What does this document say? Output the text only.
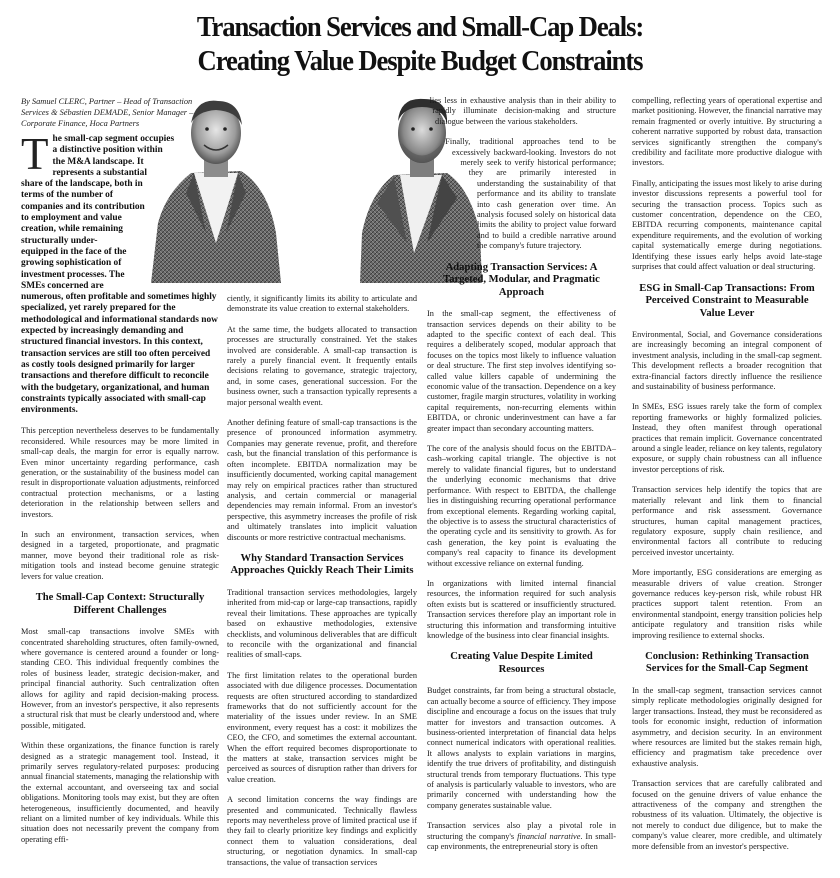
Transaction Services and Small-Cap Deals:
Creating Value Despite Budget Constraints
By Samuel CLERC, Partner – Head of Transaction Services & Sébastien DEMADE, Senior Manager – Corporate Finance, Hoca Partners

The small-cap segment occupies a distinctive position within the M&A landscape. It represents a substantial share of the landscape, both in terms of the number of companies and its contribution to employment and value creation, while remaining structurally under-equipped in the face of the growing sophistication of investment processes. The SMEs concerned are numerous, often profitable and sometimes highly specialized, yet rarely prepared for the methodological and informational standards now expected by increasingly demanding and structured financial investors. In this context, transaction services are still too often perceived as costly tools designed primarily for larger transactions and therefore difficult to reconcile with the budgetary, organizational, and human constraints typically associated with small-cap environments.

This perception nevertheless deserves to be fundamentally reconsidered. While resources may be more limited in small-cap deals, the margin for error is equally narrow. Even minor uncertainty regarding performance, cash generation, or the sustainability of the business model can result in disproportionate valuation adjustments, reinforced contractual protection mechanisms, or a lasting deterioration in the relationship between sellers and investors.

In such an environment, transaction services, when designed in a targeted, proportionate, and pragmatic manner, move beyond their traditional role as risk-mitigation tools and instead become genuine strategic levers for value creation.

The Small-Cap Context: Structurally Different Challenges

Most small-cap transactions involve SMEs with concentrated shareholding structures, often family-owned, where governance is centered around a founder or long-standing CEO. This individual frequently combines the roles of business leader, strategic decision-maker, and principal financial authority. Such centralization often allows for agility and rapid decision-making process. However, from an investor's perspective, it also represents a structural risk that must be clearly understood and, where possible, mitigated.

Within these organizations, the finance function is rarely designed as a strategic management tool. Instead, it primarily serves regulatory-related purposes: producing annual financial statements, managing the relationship with the external accountant, and overseeing tax and social obligations. Monitoring tools may exist, but they are often heterogeneous, insufficiently documented, and heavily reliant on a limited number of key individuals. While this situation does not necessarily prevent the company from operating effi-

ciently, it significantly limits its ability to articulate and demonstrate its value creation to external stakeholders.

At the same time, the budgets allocated to transaction processes are structurally constrained. Yet the stakes involved are considerable. A small-cap transaction is rarely a purely financial event. It frequently entails decisions relating to governance, strategic trajectory, and, in some cases, generational succession. For the business owner, such a transaction typically represents a major personal wealth event.

Another defining feature of small-cap transactions is the presence of pronounced information asymmetry. Companies may generate revenue, profit, and therefore cash, but the financial translation of this performance is often incomplete. EBITDA normalization may be insufficiently documented, working capital management may rely on empirical practices rather than structured analysis, and certain commercial or managerial dependencies may remain informal. From an investor's perspective, this asymmetry increases the profile of risk and ultimately translates into implicit valuation discounts or more restrictive contractual mechanisms.

Why Standard Transaction Services Approaches Quickly Reach Their Limits

Traditional transaction services methodologies, largely inherited from mid-cap or large-cap transactions, rapidly reveal their limitations. These approaches are typically based on exhaustive methodologies, extensive checklists, and voluminous deliverables that are difficult to reconcile with the organizational and financial realities of small-caps.

The first limitation relates to the operational burden associated with due diligence processes. Documentation requests are often structured according to standardized frameworks that do not sufficiently account for the materiality of the issues under review. In an SME environment, every request has a cost: it mobilizes the CEO, the CFO, and sometimes the external accountant. When the effort required becomes disproportionate to the matters at stake, transaction services might be perceived as sources of disruption rather than drivers for value creation.

A second limitation concerns the way findings are presented and communicated. Technically flawless reports may nevertheless prove of limited practical use if they fail to clearly prioritize key findings and explicitly connect them to valuation considerations, deal structuring, or negotiation dynamics. In small-cap transactions, the value of transaction services

lies less in exhaustive analysis than in their ability to rapidly illuminate decision-making and structure dialogue between the various stakeholders.

Finally, traditional approaches tend to be excessively backward-looking. Investors do not merely seek to verify historical performance; they are primarily interested in understanding the sustainability of that performance and its ability to translate into cash generation over time. An analysis focused solely on historical data limits the ability to project value forward and to build a credible narrative around the company's future trajectory.

Adapting Transaction Services: A Targeted, Modular, and Pragmatic Approach

In the small-cap segment, the effectiveness of transaction services depends on their ability to be adapted to the specific context of each deal. This requires a deliberately scoped, modular approach that focuses on the topics most likely to influence valuation or deal structure. The first step involves identifying so-called value killers capable of undermining the economic value of the transaction. Dependence on a key customer, fragile margin structures, volatility in working capital requirements, non-recurring elements within EBITDA, or chronic underinvestment can have a far greater impact than secondary accounting matters.

The core of the analysis should focus on the EBITDA–cash–working capital triangle. The objective is not merely to validate financial figures, but to understand the underlying economic mechanisms that drive performance. With respect to EBITDA, the challenge lies in distinguishing recurring operational performance from exceptional elements. Regarding working capital, the objective is to assess the structural characteristics of the operating cycle and its sensitivity to growth. As for cash generation, the key point is evaluating the company's real capacity to finance its development without excessive reliance on external funding.

In organizations with limited internal financial resources, the information required for such analysis often exists but is scattered or insufficiently structured. Transaction services therefore play an important role in structuring this information and transforming intuitive knowledge of the business into clear financial insights.

Creating Value Despite Limited Resources

Budget constraints, far from being a structural obstacle, can actually become a source of efficiency. They impose discipline and encourage a focus on the issues that truly matter for investors and transaction outcomes. A business-oriented interpretation of financial data helps connect numerical indicators with operational realities. It allows analysts to explain variations in margins, identify the true drivers of profitability, and distinguish structural trends from temporary fluctuations. This type of analysis is particularly valuable to investors, who are primarily concerned with understanding how the company generates sustainable value.

Transaction services also play a pivotal role in structuring the company's financial narrative. In small-cap environments, the entrepreneurial story is often

compelling, reflecting years of operational expertise and market positioning. However, the financial narrative may remain fragmented or overly intuitive. By structuring a coherent narrative supported by robust data, transaction services significantly strengthen the company's credibility and facilitate more productive dialogue with investors.

Finally, anticipating the issues most likely to arise during investor discussions represents a powerful tool for securing the transaction process. Topics such as customer concentration, dependence on the CEO, EBITDA recurring components, maintenance capital expenditure requirements, and the evolution of working capital systematically emerge during negotiations. Identifying these issues early helps avoid late-stage surprises that could affect valuation or deal structuring.

ESG in Small-Cap Transactions: From Perceived Constraint to Measurable Value Lever

Environmental, Social, and Governance considerations are increasingly becoming an integral component of investment analysis, including in the small-cap segment. This development reflects a broader recognition that extra-financial factors directly influence the resilience and sustainability of business performance.

In SMEs, ESG issues rarely take the form of complex reporting frameworks or highly formalized policies. Instead, they often manifest through operational practices that remain implicit. Governance concentrated around a single leader, reliance on key talents, regulatory exposure, or supply chain robustness can all influence investor perceptions of risk.

Transaction services help identify the topics that are materially relevant and link them to financial performance and risk assessment. Governance structures, human capital management practices, regulatory exposure, supply chain resilience, and environmental factors all contribute to reducing perceived investor uncertainty.

More importantly, ESG considerations are emerging as measurable drivers of value creation. Stronger governance reduces key-person risk, while robust HR practices support talent retention. From an environmental standpoint, energy transition policies help anticipate regulatory and transition risks while improving resilience to external shocks.

Conclusion: Rethinking Transaction Services for the Small-Cap Segment

In the small-cap segment, transaction services cannot simply replicate methodologies originally designed for larger transactions. Instead, they must be reconsidered as tools for economic insight, reduction of information asymmetry, and decision security. In an environment where resources are limited but the stakes remain high, efficiency and pragmatism take precedence over exhaustive analysis.

Transaction services that are carefully calibrated and focused on the genuine drivers of value enhance the attractiveness of the company and strengthen the robustness of its valuation. Ultimately, the objective is not merely to conduct due diligence, but to make the company's value clearer, more credible, and ultimately more defensible from an investor's perspective.
